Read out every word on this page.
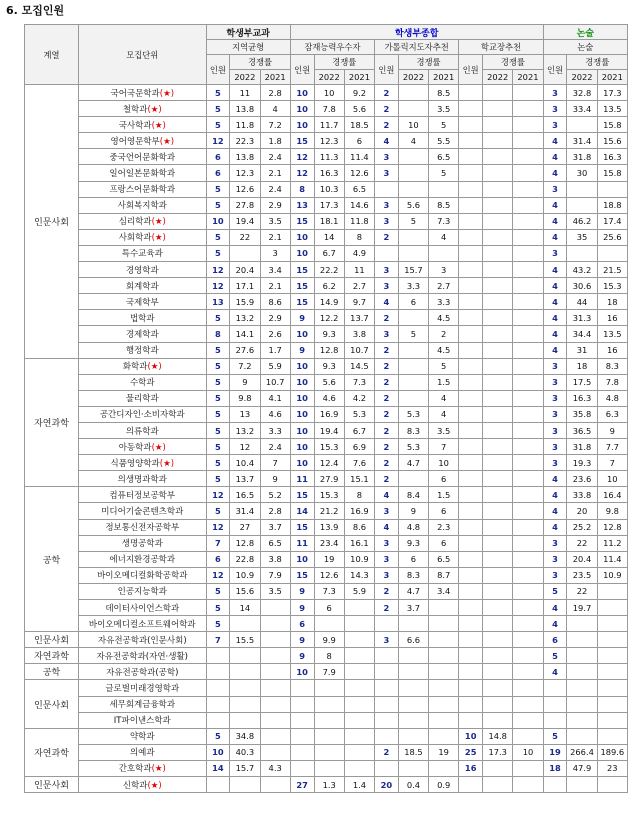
6. 모집인원
계열	모집단위	학생부교과			학생부종합									논술		
		지역균형			잠재능력우수자			가톨릭지도자추천			학교장추천			논술		
		인원	경쟁률		인원	경쟁률		인원	경쟁률		인원	경쟁률		인원	경쟁률	
			2022	2021		2022	2021		2022	2021		2022	2021		2022	2021
인문사회	국어국문학과(★)	5	11	2.8	10	10	9.2	2		8.5				3	32.8	17.3
	철학과(★)	5	13.8	4	10	7.8	5.6	2		3.5				3	33.4	13.5
	국사학과(★)	5	11.8	7.2	10	11.7	18.5	2	10	5				3		15.8
	영어영문학부(★)	12	22.3	1.8	15	12.3	6	4	4	5.5				4	31.4	15.6
	중국언어문화학과	6	13.8	2.4	12	11.3	11.4	3		6.5				4	31.8	16.3
	일어일본문화학과	6	12.3	2.1	12	16.3	12.6	3		5				4	30	15.8
	프랑스어문화학과	5	12.6	2.4	8	10.3	6.5							3		
	사회복지학과	5	27.8	2.9	13	17.3	14.6	3	5.6	8.5				4		18.8
	심리학과(★)	10	19.4	3.5	15	18.1	11.8	3	5	7.3				4	46.2	17.4
	사회학과(★)	5	22	2.1	10	14	8	2		4				4	35	25.6
	특수교육과	5		3	10	6.7	4.9							3		
	경영학과	12	20.4	3.4	15	22.2	11	3	15.7	3				4	43.2	21.5
	회계학과	12	17.1	2.1	15	6.2	2.7	3	3.3	2.7				4	30.6	15.3
	국제학부	13	15.9	8.6	15	14.9	9.7	4	6	3.3				4	44	18
	법학과	5	13.2	2.9	9	12.2	13.7	2		4.5				4	31.3	16
	경제학과	8	14.1	2.6	10	9.3	3.8	3	5	2				4	34.4	13.5
	행정학과	5	27.6	1.7	9	12.8	10.7	2		4.5				4	31	16
자연과학	화학과(★)	5	7.2	5.9	10	9.3	14.5	2		5				3	18	8.3
	수학과	5	9	10.7	10	5.6	7.3	2		1.5				3	17.5	7.8
	물리학과	5	9.8	4.1	10	4.6	4.2	2		4				3	16.3	4.8
	공간디자인·소비자학과	5	13	4.6	10	16.9	5.3	2	5.3	4				3	35.8	6.3
	의류학과	5	13.2	3.3	10	19.4	6.7	2	8.3	3.5				3	36.5	9
	아동학과(★)	5	12	2.4	10	15.3	6.9	2	5.3	7				3	31.8	7.7
	식품영양학과(★)	5	10.4	7	10	12.4	7.6	2	4.7	10				3	19.3	7
	의생명과학과	5	13.7	9	11	27.9	15.1	2		6				4	23.6	10
공학	컴퓨터정보공학부	12	16.5	5.2	15	15.3	8	4	8.4	1.5				4	33.8	16.4
	미디어기술콘텐츠학과	5	31.4	2.8	14	21.2	16.9	3	9	6				4	20	9.8
	정보통신전자공학부	12	27	3.7	15	13.9	8.6	4	4.8	2.3				4	25.2	12.8
	생명공학과	7	12.8	6.5	11	23.4	16.1	3	9.3	6				3	22	11.2
	에너지환경공학과	6	22.8	3.8	10	19	10.9	3	6	6.5				3	20.4	11.4
	바이오메디컬화학공학과	12	10.9	7.9	15	12.6	14.3	3	8.3	8.7				3	23.5	10.9
	인공지능학과	5	15.6	3.5	9	7.3	5.9	2	4.7	3.4				5	22	
	데이터사이언스학과	5	14		9	6		2	3.7					4	19.7	
	바이오메디컬소프트웨어학과	5			6									4		
인문사회	자유전공학과(인문사회)	7	15.5		9	9.9		3	6.6					6		
자연과학	자유전공학과(자연·생활)				9	8								5		
공학	자유전공학과(공학)				10	7.9								4		
인문사회	글로벌미래경영학과															
	세무회계금융학과															
	IT파이낸스학과															
자연과학	약학과	5	34.8								10	14.8		5		
	의예과	10	40.3					2	18.5	19	25	17.3	10	19	266.4	189.6
	간호학과(★)	14	15.7	4.3							16			18	47.9	23
인문사회	신학과(★)				27	1.3	1.4	20	0.4	0.9						
